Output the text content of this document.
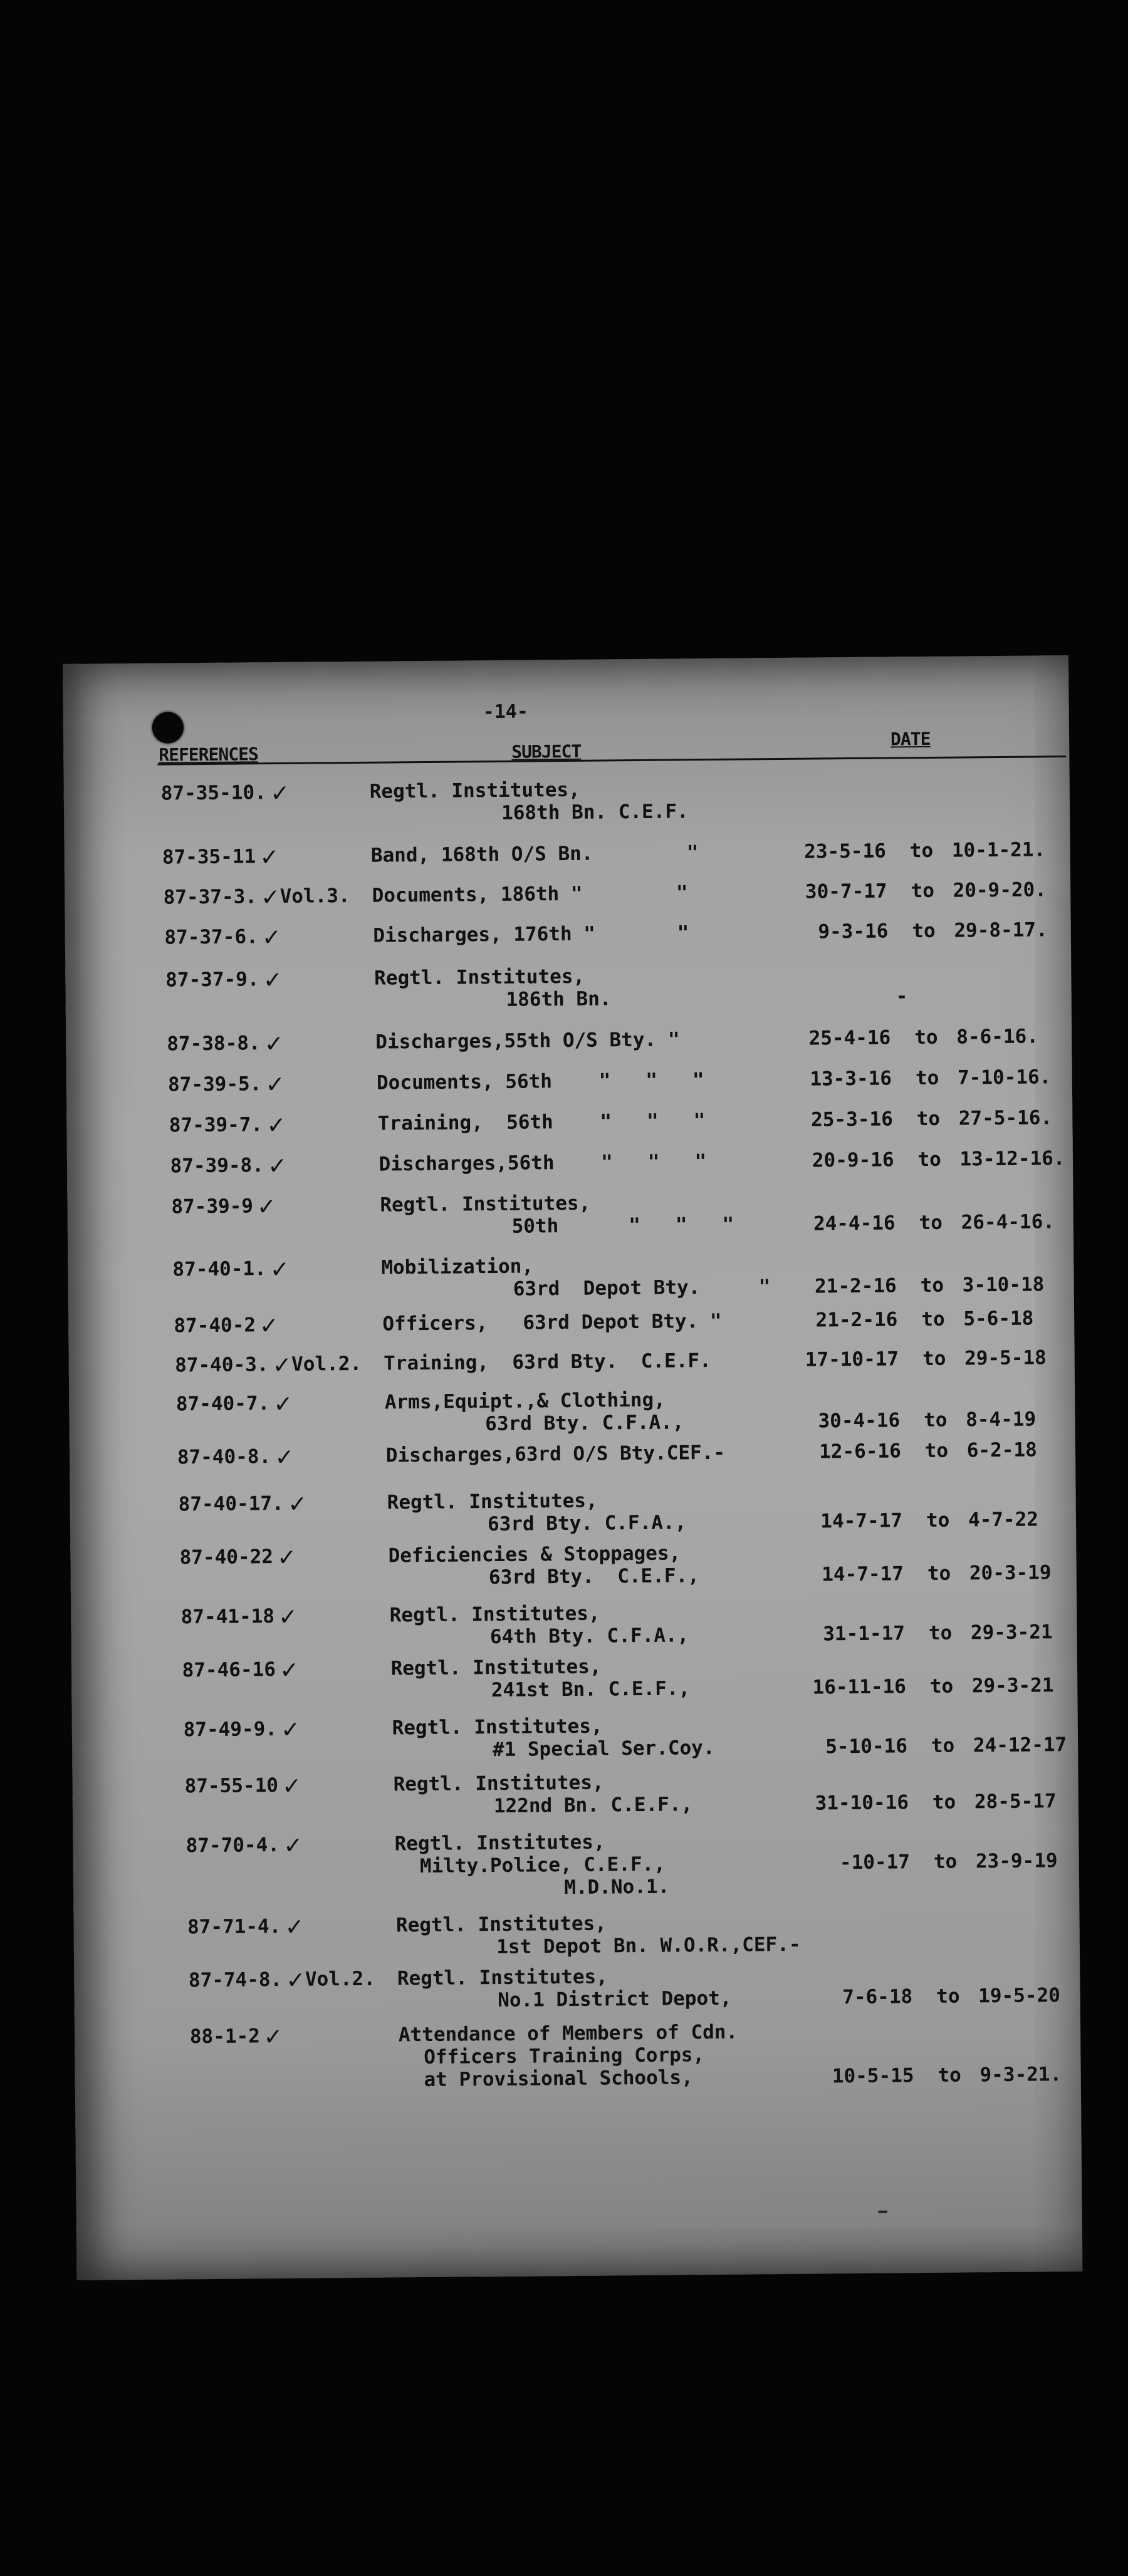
-14-
REFERENCES	SUBJECT
DATE
87-35-10. ✓	Regtl. Institutes,
168th Bn. C.E.F.
87-35-11 ✓	Band, 168th O/S Bn.        "	23-5-16 to 10-1-21.
87-37-3. ✓ Vol.3. Documents, 186th "        "	30-7-17 to 20-9-20.
87-37-6. ✓	Discharges, 176th "       "	9-3-16 to 29-8-17.
87-37-9. ✓	Regtl. Institutes,
186th Bn.	-
87-38-8. ✓	Discharges,55th O/S Bty. "	25-4-16 to 8-6-16.
87-39-5. ✓	Documents, 56th    "   "   "	13-3-16 to 7-10-16.
87-39-7. ✓	Training,  56th    "   "   "	25-3-16 to 27-5-16.
87-39-8. ✓	Discharges,56th    "   "   "	20-9-16 to 13-12-16.
87-39-9 ✓	Regtl. Institutes,
50th      "   "   "	24-4-16 to 26-4-16.
87-40-1. ✓	Mobilization,
63rd  Depot Bty.     "	21-2-16 to 3-10-18
87-40-2 ✓	Officers,   63rd Depot Bty. "	21-2-16 to 5-6-18
87-40-3. ✓ Vol.2. Training,  63rd Bty.  C.E.F.	17-10-17 to 29-5-18
87-40-7. ✓	Arms,Equipt.,& Clothing,
63rd Bty. C.F.A.,	30-4-16 to 8-4-19
87-40-8. ✓	Discharges,63rd O/S Bty.CEF.-	12-6-16 to 6-2-18
87-40-17. ✓	Regtl. Institutes,
63rd Bty. C.F.A.,	14-7-17 to 4-7-22
87-40-22 ✓	Deficiencies & Stoppages,
63rd Bty.  C.E.F.,	14-7-17 to 20-3-19
87-41-18 ✓	Regtl. Institutes,
64th Bty. C.F.A.,	31-1-17 to 29-3-21
87-46-16 ✓	Regtl. Institutes,
241st Bn. C.E.F.,	16-11-16 to 29-3-21
87-49-9. ✓	Regtl. Institutes,
#1 Special Ser.Coy.	5-10-16 to 24-12-17
87-55-10 ✓	Regtl. Institutes,
122nd Bn. C.E.F.,	31-10-16 to 28-5-17
87-70-4. ✓	Regtl. Institutes,
Milty.Police, C.E.F.,
M.D.No.1.
-10-17 to 23-9-19
87-71-4. ✓	Regtl. Institutes,
1st Depot Bn. W.O.R.,CEF.-
87-74-8. ✓ Vol.2. Regtl. Institutes,
No.1 District Depot,	7-6-18 to 19-5-20
88-1-2 ✓	Attendance of Members of Cdn.
Officers Training Corps,
at Provisional Schools,	10-5-15 to 9-3-21.
